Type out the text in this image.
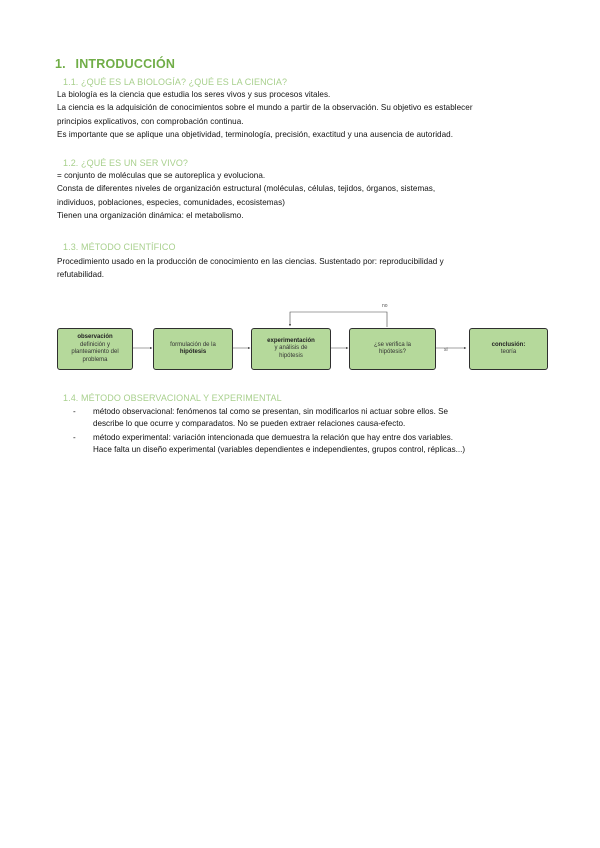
1. INTRODUCCIÓN
1.1. ¿QUÉ ES LA BIOLOGÍA? ¿QUÉ ES LA CIENCIA?
La biología es la ciencia que estudia los seres vivos y sus procesos vitales.
La ciencia es la adquisición de conocimientos sobre el mundo a partir de la observación. Su objetivo es establecer
principios explicativos, con comprobación continua.
Es importante que se aplique una objetividad, terminología, precisión, exactitud y una ausencia de autoridad.
1.2. ¿QUÉ ES UN SER VIVO?
= conjunto de moléculas que se autoreplica y evoluciona.
Consta de diferentes niveles de organización estructural (moléculas, células, tejidos, órganos, sistemas,
individuos, poblaciones, especies, comunidades, ecosistemas)
Tienen una organización dinámica: el metabolismo.
1.3. MÉTODO CIENTÍFICO
Procedimiento usado en la producción de conocimiento en las ciencias. Sustentado por: reproducibilidad y
refutabilidad.
no
si
observación
definición y planteamiento del problema
formulación de la
hipótesis
experimentación
y análisis de hipótesis
¿se verifica la hipótesis?
conclusión:
teoría
1.4. MÉTODO OBSERVACIONAL Y EXPERIMENTAL
- método observacional: fenómenos tal como se presentan, sin modificarlos ni actuar sobre ellos. Se
describe lo que ocurre y comparadatos. No se pueden extraer relaciones causa-efecto.
- método experimental: variación intencionada que demuestra la relación que hay entre dos variables.
Hace falta un diseño experimental (variables dependientes e independientes, grupos control, réplicas...)
